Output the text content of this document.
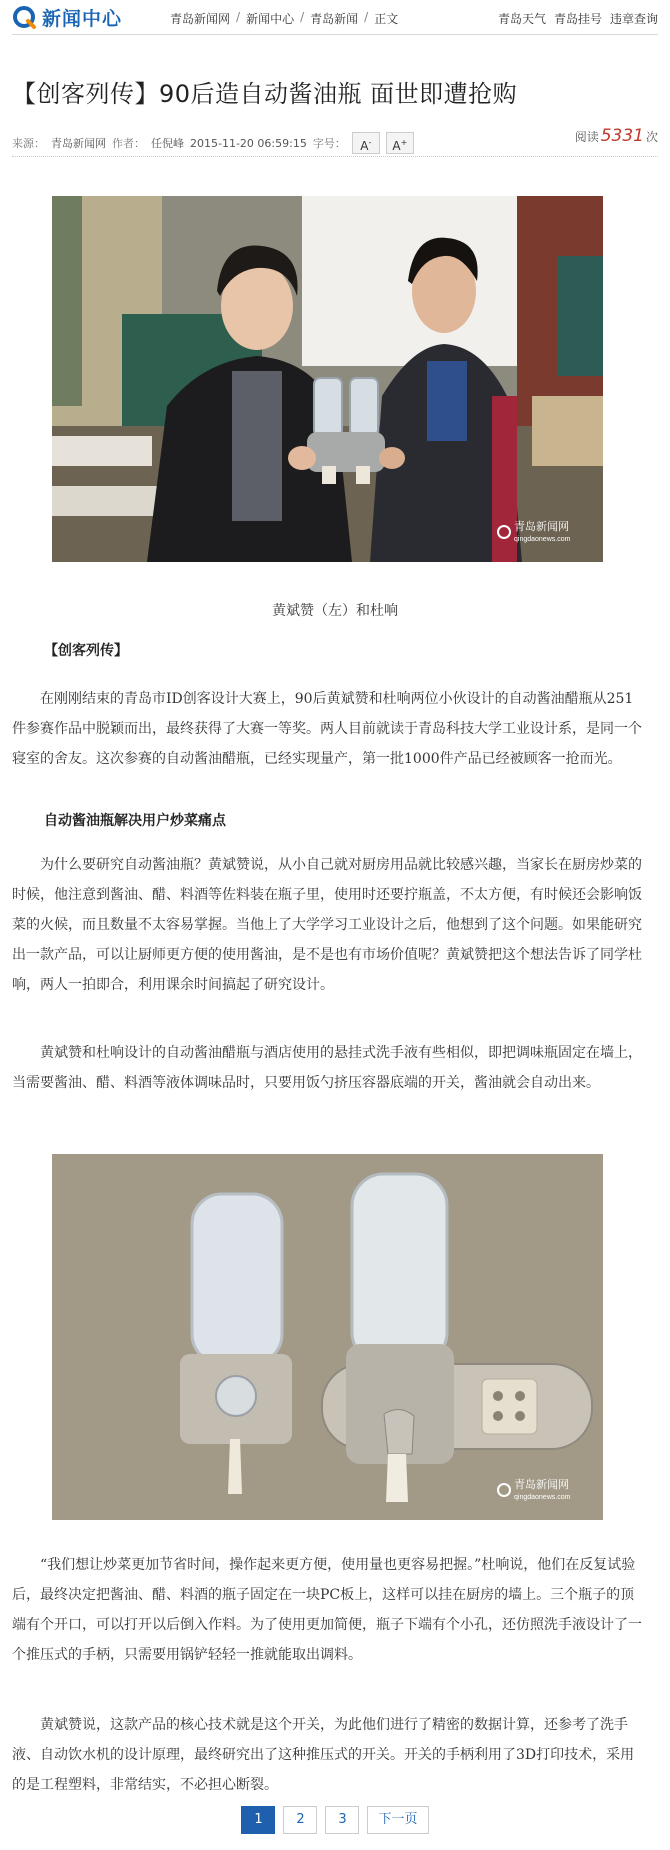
新闻中心	青岛新闻网 / 新闻中心 / 青岛新闻 / 正文	青岛天气 青岛挂号 违章查询
【创客列传】90后造自动酱油瓶 面世即遭抢购
来源： 青岛新闻网 作者： 任倪峰 2015-11-20 06:59:15 字号：	A-	A+	阅读 5331 次
青岛新闻网
qingdaonews.com
黄斌赞（左）和杜响
【创客列传】

在刚刚结束的青岛市ID创客设计大赛上，90后黄斌赞和杜响两位小伙设计的自动酱油醋瓶从251件参赛作品中脱颖而出，最终获得了大赛一等奖。两人目前就读于青岛科技大学工业设计系，是同一个寝室的舍友。这次参赛的自动酱油醋瓶，已经实现量产，第一批1000件产品已经被顾客一抢而光。

自动酱油瓶解决用户炒菜痛点

为什么要研究自动酱油瓶？黄斌赞说，从小自己就对厨房用品就比较感兴趣，当家长在厨房炒菜的时候，他注意到酱油、醋、料酒等佐料装在瓶子里，使用时还要拧瓶盖，不太方便，有时候还会影响饭菜的火候，而且数量不太容易掌握。当他上了大学学习工业设计之后，他想到了这个问题。如果能研究出一款产品，可以让厨师更方便的使用酱油，是不是也有市场价值呢？黄斌赞把这个想法告诉了同学杜响，两人一拍即合，利用课余时间搞起了研究设计。

黄斌赞和杜响设计的自动酱油醋瓶与酒店使用的悬挂式洗手液有些相似，即把调味瓶固定在墙上，当需要酱油、醋、料酒等液体调味品时，只要用饭勺挤压容器底端的开关，酱油就会自动出来。

青岛新闻网
qingdaonews.com

“我们想让炒菜更加节省时间，操作起来更方便，使用量也更容易把握。”杜响说，他们在反复试验后，最终决定把酱油、醋、料酒的瓶子固定在一块PC板上，这样可以挂在厨房的墙上。三个瓶子的顶端有个开口，可以打开以后倒入作料。为了使用更加简便，瓶子下端有个小孔，还仿照洗手液设计了一个推压式的手柄，只需要用锅铲轻轻一推就能取出调料。

黄斌赞说，这款产品的核心技术就是这个开关，为此他们进行了精密的数据计算，还参考了洗手液、自动饮水机的设计原理，最终研究出了这种推压式的开关。开关的手柄利用了3D打印技术，采用的是工程塑料，非常结实，不必担心断裂。

1	2	3	下一页
